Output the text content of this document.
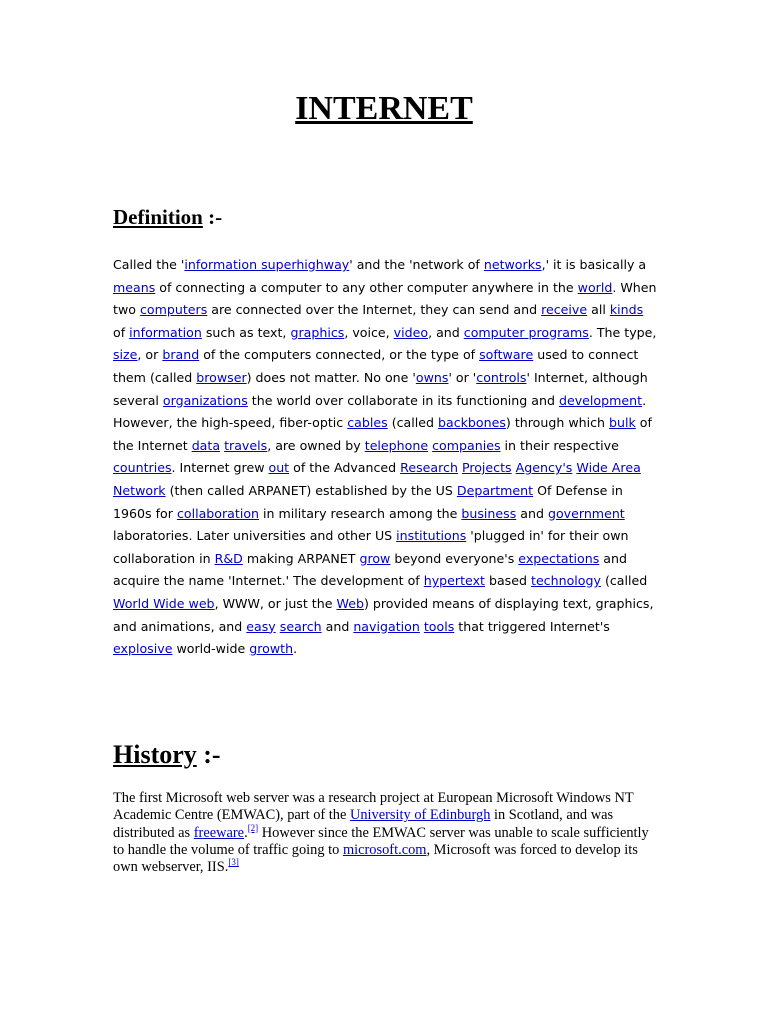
INTERNET
Definition :-

Called the 'information superhighway' and the 'network of networks,' it is basically a means of connecting a computer to any other computer anywhere in the world. When two computers are connected over the Internet, they can send and receive all kinds of information such as text, graphics, voice, video, and computer programs. The type, size, or brand of the computers connected, or the type of software used to connect them (called browser) does not matter. No one 'owns' or 'controls' Internet, although several organizations the world over collaborate in its functioning and development. However, the high-speed, fiber-optic cables (called backbones) through which bulk of the Internet data travels, are owned by telephone companies in their respective countries. Internet grew out of the Advanced Research Projects Agency's Wide Area Network (then called ARPANET) established by the US Department Of Defense in 1960s for collaboration in military research among the business and government laboratories. Later universities and other US institutions 'plugged in' for their own collaboration in R&D making ARPANET grow beyond everyone's expectations and acquire the name 'Internet.' The development of hypertext based technology (called World Wide web, WWW, or just the Web) provided means of displaying text, graphics, and animations, and easy search and navigation tools that triggered Internet's explosive world-wide growth.

History :-

The first Microsoft web server was a research project at European Microsoft Windows NT Academic Centre (EMWAC), part of the University of Edinburgh in Scotland, and was distributed as freeware.[2] However since the EMWAC server was unable to scale sufficiently to handle the volume of traffic going to microsoft.com, Microsoft was forced to develop its own webserver, IIS.[3]
